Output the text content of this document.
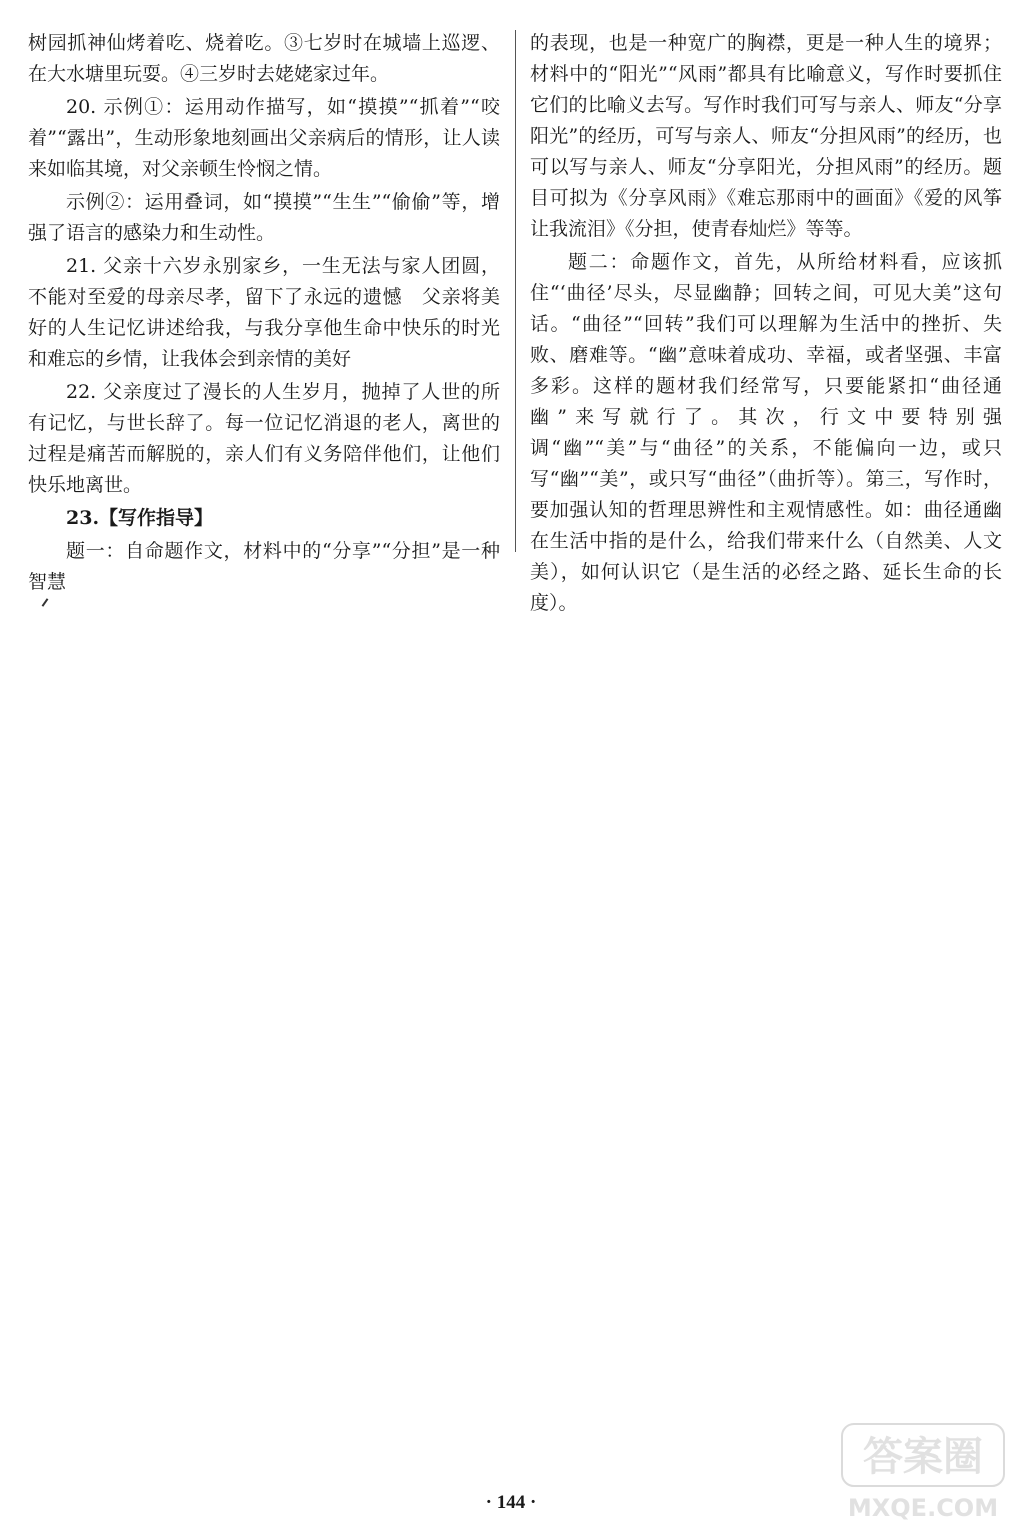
树园抓神仙烤着吃、烧着吃。③七岁时在城墙上巡逻、在大水塘里玩耍。④三岁时去姥姥家过年。

20. 示例①：运用动作描写，如“摸摸”“抓着”“咬着”“露出”，生动形象地刻画出父亲病后的情形，让人读来如临其境，对父亲顿生怜悯之情。

示例②：运用叠词，如“摸摸”“生生”“偷偷”等，增强了语言的感染力和生动性。

21. 父亲十六岁永别家乡，一生无法与家人团圆，不能对至爱的母亲尽孝，留下了永远的遗憾　父亲将美好的人生记忆讲述给我，与我分享他生命中快乐的时光和难忘的乡情，让我体会到亲情的美好

22. 父亲度过了漫长的人生岁月，抛掉了人世的所有记忆，与世长辞了。每一位记忆消退的老人，离世的过程是痛苦而解脱的，亲人们有义务陪伴他们，让他们快乐地离世。

23.【写作指导】

题一：自命题作文，材料中的“分享”“分担”是一种智慧

的表现，也是一种宽广的胸襟，更是一种人生的境界；材料中的“阳光”“风雨”都具有比喻意义，写作时要抓住它们的比喻义去写。写作时我们可写与亲人、师友“分享阳光”的经历，可写与亲人、师友“分担风雨”的经历，也可以写与亲人、师友“分享阳光，分担风雨”的经历。题目可拟为《分享风雨》《难忘那雨中的画面》《爱的风筝让我流泪》《分担，使青春灿烂》等等。

题二：命题作文，首先，从所给材料看，应该抓住“‘曲径’尽头，尽显幽静；回转之间，可见大美”这句话。“曲径”“回转”我们可以理解为生活中的挫折、失败、磨难等。“幽”意味着成功、幸福，或者坚强、丰富多彩。这样的题材我们经常写，只要能紧扣“曲径通幽”来写就行了。其次，行文中要特别强调“幽”“美”与“曲径”的关系，不能偏向一边，或只写“幽”“美”，或只写“曲径”（曲折等）。第三，写作时，要加强认知的哲理思辨性和主观情感性。如：曲径通幽在生活中指的是什么，给我们带来什么（自然美、人文美），如何认识它（是生活的必经之路、延长生命的长度）。

· 144 ·
答案圈
MXQE.COM
